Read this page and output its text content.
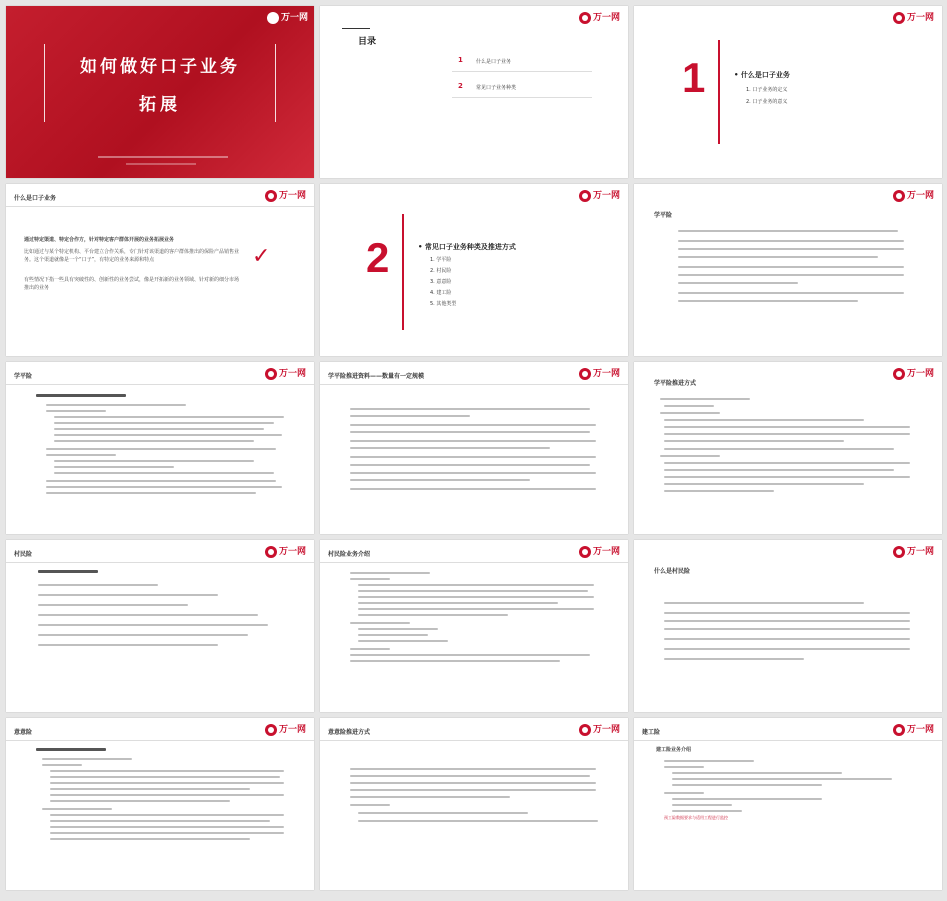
如何做好口子业务
拓展
万一网
目录
1	什么是口子业务
2	常见口子业务种类
万一网
1	• 什么是口子业务
1. 口子业务的定义
2. 口子业务的意义
万一网
什么是口子业务	万一网
通过特定渠道、特定合作方，针对特定客户群体开展的业务拓展业务
比如通过与某个特定机构、平台建立合作关系，专门针对该渠道的客户群体推出的保险产品销售业务。这个渠道就像是一个“口子”，有特定的业务来源和特点
有些情况下指一些具有突破性的、创新性的业务尝试，像是开拓新的业务领域、针对新的细分市场推出的业务
✓ 2	• 常见口子业务种类及推进方式
1. 学平险
2. 村民险
3. 意意险
4. 建工险
5. 其他类型
万一网
学平险
万一网
学平险	万一网	学平险推进资料——数量有一定规模	万一网
学平险推进方式
万一网
村民险	万一网	村民险业务介绍	万一网
什么是村民险
万一网
意意险	万一网	意意险推进方式	万一网	建工险	万一网
建工险业务介绍
预工险数据要求与适用工程进行监控
